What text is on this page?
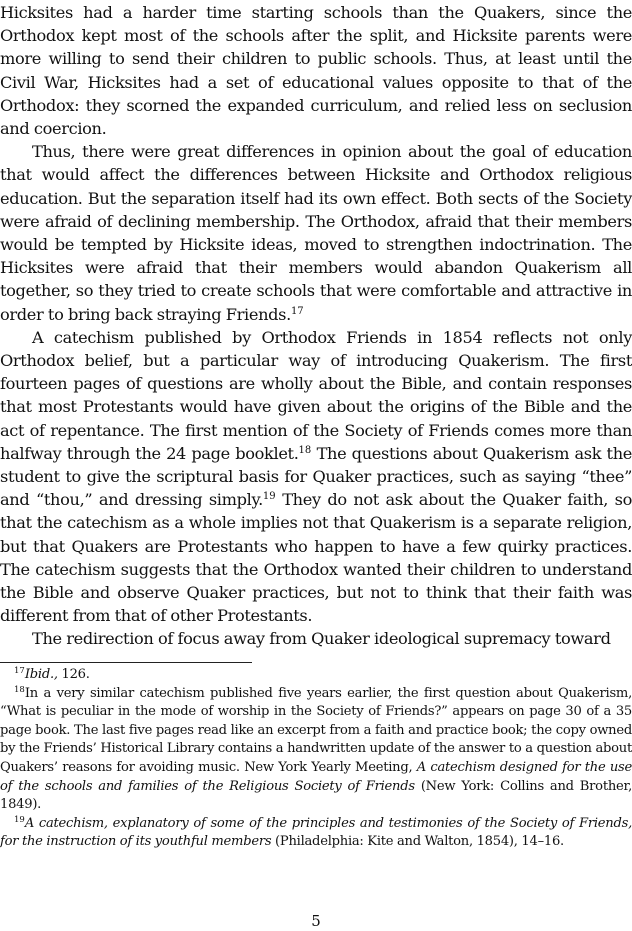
Hicksites had a harder time starting schools than the Quakers, since the Orthodox kept most of the schools after the split, and Hicksite parents were more willing to send their children to public schools. Thus, at least until the Civil War, Hicksites had a set of educational values opposite to that of the Orthodox: they scorned the expanded curriculum, and relied less on seclusion and coercion.

Thus, there were great differences in opinion about the goal of education that would affect the differences between Hicksite and Orthodox religious education. But the separation itself had its own effect. Both sects of the Society were afraid of declining membership. The Orthodox, afraid that their members would be tempted by Hicksite ideas, moved to strengthen indoctrination. The Hicksites were afraid that their members would abandon Quakerism all together, so they tried to create schools that were comfortable and attractive in order to bring back straying Friends.$^{17}$

A catechism published by Orthodox Friends in 1854 reflects not only Orthodox belief, but a particular way of introducing Quakerism. The first fourteen pages of questions are wholly about the Bible, and contain responses that most Protestants would have given about the origins of the Bible and the act of repentance. The first mention of the Society of Friends comes more than halfway through the 24 page booklet.$^{18}$ The questions about Quakerism ask the student to give the scriptural basis for Quaker practices, such as saying “thee” and “thou,” and dressing simply.$^{19}$ They do not ask about the Quaker faith, so that the catechism as a whole implies not that Quakerism is a separate religion, but that Quakers are Protestants who happen to have a few quirky practices. The catechism suggests that the Orthodox wanted their children to understand the Bible and observe Quaker practices, but not to think that their faith was different from that of other Protestants.

The redirection of focus away from Quaker ideological supremacy toward

$^{17}$Ibid., 126.

$^{18}$In a very similar catechism published five years earlier, the first question about Quakerism, “What is peculiar in the mode of worship in the Society of Friends?” appears on page 30 of a 35 page book. The last five pages read like an excerpt from a faith and practice book; the copy owned by the Friends’ Historical Library contains a handwritten update of the answer to a question about Quakers’ reasons for avoiding music. New York Yearly Meeting, A catechism designed for the use of the schools and families of the Religious Society of Friends (New York: Collins and Brother, 1849).

$^{19}$A catechism, explanatory of some of the principles and testimonies of the Society of Friends, for the instruction of its youthful members (Philadelphia: Kite and Walton, 1854), 14–16.

5
